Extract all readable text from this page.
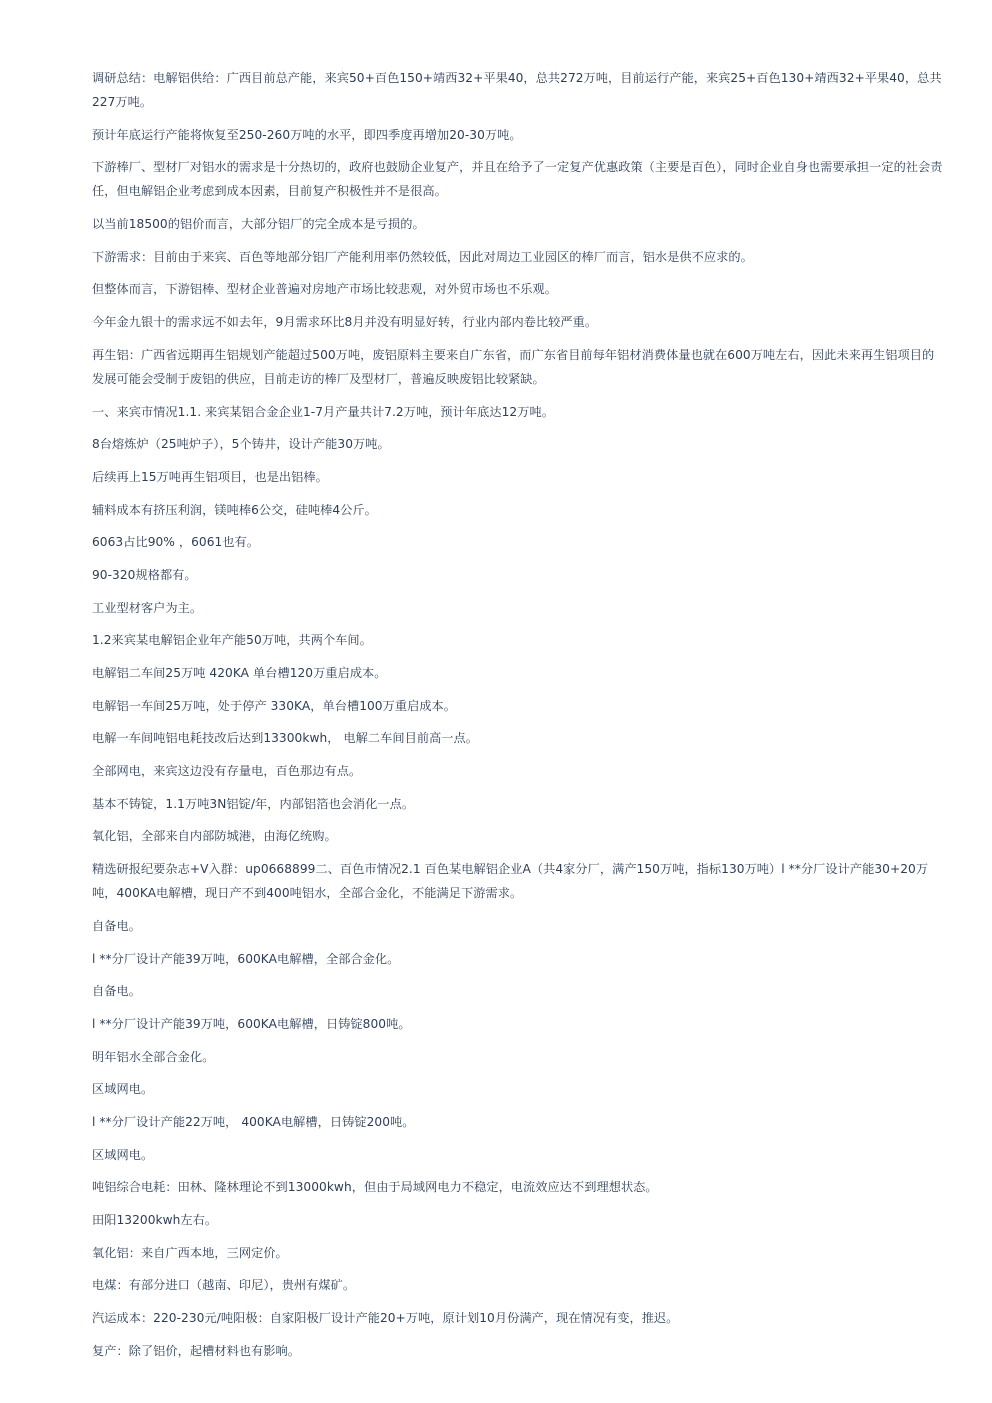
调研总结：电解铝供给：广西目前总产能，来宾50+百色150+靖西32+平果40，总共272万吨，目前运行产能，来宾25+百色130+靖西32+平果40，总共227万吨。

预计年底运行产能将恢复至250-260万吨的水平，即四季度再增加20-30万吨。

下游棒厂、型材厂对铝水的需求是十分热切的，政府也鼓励企业复产，并且在给予了一定复产优惠政策（主要是百色），同时企业自身也需要承担一定的社会责任，但电解铝企业考虑到成本因素，目前复产积极性并不是很高。

以当前18500的铝价而言，大部分铝厂的完全成本是亏损的。

下游需求：目前由于来宾、百色等地部分铝厂产能利用率仍然较低，因此对周边工业园区的棒厂而言，铝水是供不应求的。

但整体而言，下游铝棒、型材企业普遍对房地产市场比较悲观，对外贸市场也不乐观。

今年金九银十的需求远不如去年，9月需求环比8月并没有明显好转，行业内部内卷比较严重。

再生铝：广西省远期再生铝规划产能超过500万吨，废铝原料主要来自广东省，而广东省目前每年铝材消费体量也就在600万吨左右，因此未来再生铝项目的发展可能会受制于废铝的供应，目前走访的棒厂及型材厂，普遍反映废铝比较紧缺。

一、来宾市情况1.1. 来宾某铝合金企业1-7月产量共计7.2万吨，预计年底达12万吨。

8台熔炼炉（25吨炉子），5个铸井，设计产能30万吨。

后续再上15万吨再生铝项目，也是出铝棒。

辅料成本有挤压利润，镁吨棒6公交，硅吨棒4公斤。

6063占比90% ，6061也有。

90-320规格都有。

工业型材客户为主。

1.2来宾某电解铝企业年产能50万吨，共两个车间。

电解铝二车间25万吨 420KA 单台槽120万重启成本。

电解铝一车间25万吨，处于停产 330KA，单台槽100万重启成本。

电解一车间吨铝电耗技改后达到13300kwh， 电解二车间目前高一点。

全部网电，来宾这边没有存量电，百色那边有点。

基本不铸锭，1.1万吨3N铝锭/年，内部铝箔也会消化一点。

氧化铝，全部来自内部防城港，由海亿统购。

精选研报纪要杂志+V入群：up0668899二、百色市情况2.1 百色某电解铝企业A（共4家分厂，满产150万吨，指标130万吨）l **分厂设计产能30+20万吨，400KA电解槽，现日产不到400吨铝水，全部合金化，不能满足下游需求。

自备电。

l **分厂设计产能39万吨，600KA电解槽，全部合金化。

自备电。

l **分厂设计产能39万吨，600KA电解槽，日铸锭800吨。

明年铝水全部合金化。

区域网电。

l **分厂设计产能22万吨， 400KA电解槽，日铸锭200吨。

区域网电。

吨铝综合电耗：田林、隆林理论不到13000kwh，但由于局域网电力不稳定，电流效应达不到理想状态。

田阳13200kwh左右。

氧化铝：来自广西本地，三网定价。

电煤：有部分进口（越南、印尼），贵州有煤矿。

汽运成本：220-230元/吨阳极：自家阳极厂设计产能20+万吨，原计划10月份满产，现在情况有变，推迟。

复产：除了铝价，起槽材料也有影响。
